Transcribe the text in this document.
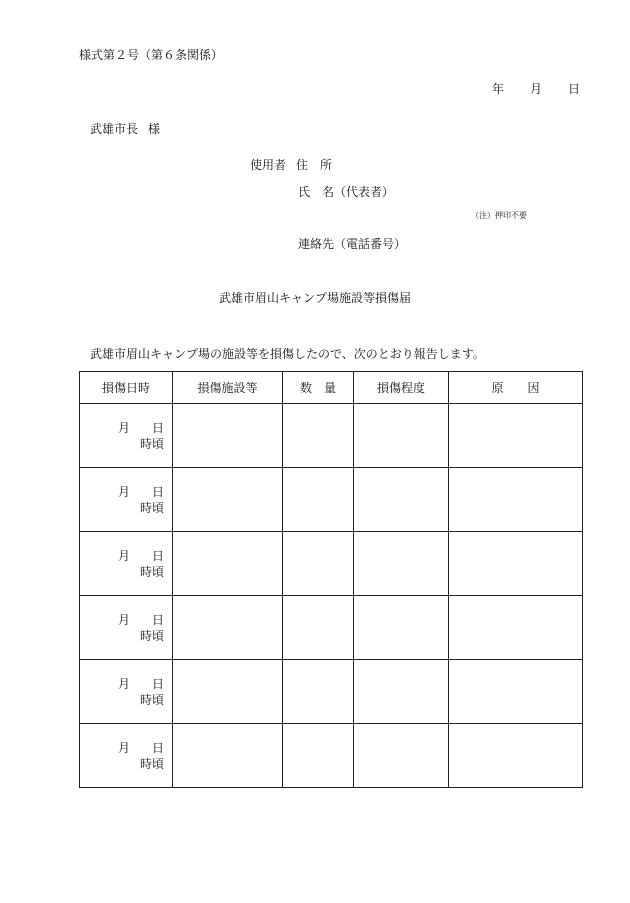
様式第２号（第６条関係）
年 月 日
武雄市長 様
使用者 住　所
氏　名（代表者）
連絡先（電話番号）
（注）押印不要
武雄市眉山キャンプ場施設等損傷届
武雄市眉山キャンプ場の施設等を損傷したので、次のとおり報告します。
損傷日時	損傷施設等	数　量	損傷程度	原　　因

月 日
時頃				

月 日
時頃				

月 日
時頃				

月 日
時頃				

月 日
時頃				

月 日
時頃				
